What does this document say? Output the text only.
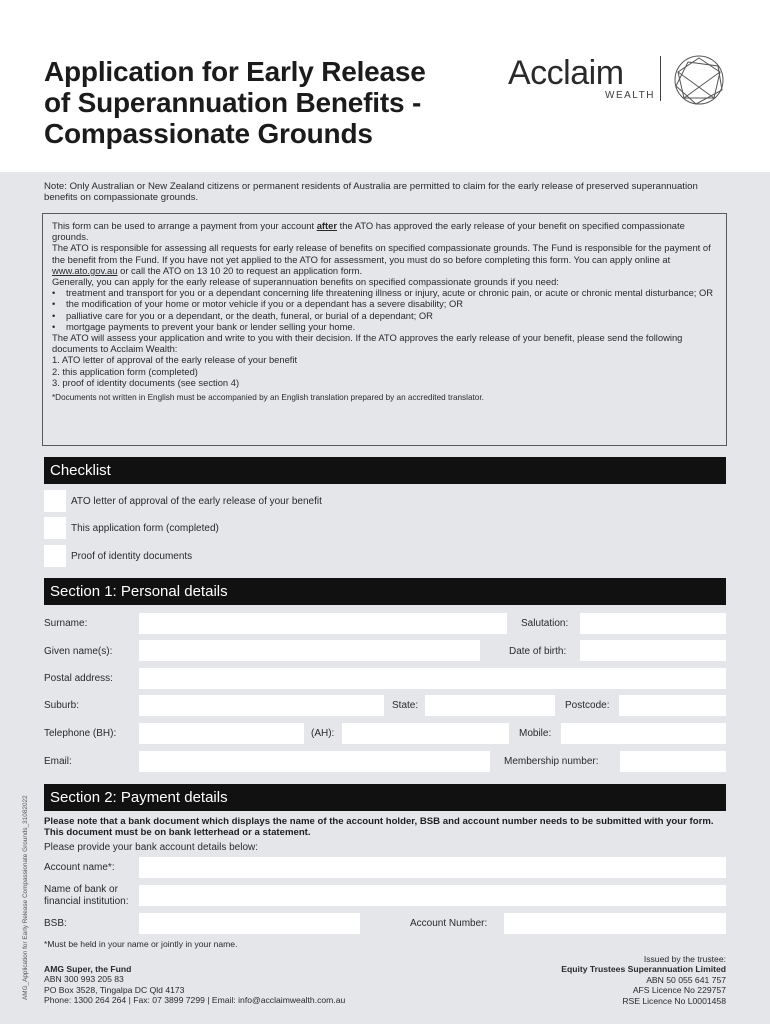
Application for Early Release
of Superannuation Benefits -
Compassionate Grounds
Acclaim
WEALTH
Note: Only Australian or New Zealand citizens or permanent residents of Australia are permitted to claim for the early release of preserved superannuation benefits on compassionate grounds.

This form can be used to arrange a payment from your account after the ATO has approved the early release of your benefit on specified compassionate grounds.

The ATO is responsible for assessing all requests for early release of benefits on specified compassionate grounds. The Fund is responsible for the payment of the benefit from the Fund. If you have not yet applied to the ATO for assessment, you must do so before completing this form. You can apply online at www.ato.gov.au or call the ATO on 13 10 20 to request an application form.

Generally, you can apply for the early release of superannuation benefits on specified compassionate grounds if you need:

• treatment and transport for you or a dependant concerning life threatening illness or injury, acute or chronic pain, or acute or chronic mental disturbance; OR
• the modification of your home or motor vehicle if you or a dependant has a severe disability; OR
• palliative care for you or a dependant, or the death, funeral, or burial of a dependant; OR
• mortgage payments to prevent your bank or lender selling your home.

The ATO will assess your application and write to you with their decision. If the ATO approves the early release of your benefit, please send the following documents to Acclaim Wealth:

1. ATO letter of approval of the early release of your benefit
2. this application form (completed)
3. proof of identity documents (see section 4)

*Documents not written in English must be accompanied by an English translation prepared by an accredited translator.

Checklist
ATO letter of approval of the early release of your benefit
This application form (completed)
Proof of identity documents
Section 1: Personal details
Surname:	Salutation:
Given name(s):	Date of birth:
Postal address:
Suburb:	State:	Postcode:
Telephone (BH):	(AH):	Mobile:
Email:	Membership number:
Section 2: Payment details
Please note that a bank document which displays the name of the account holder, BSB and account number needs to be submitted with your form. This document must be on bank letterhead or a statement.
Please provide your bank account details below:
Account name*:
Name of bank or
financial institution:
BSB:	Account Number:
*Must be held in your name or jointly in your name.
AMG Super, the Fund
ABN 300 993 205 83
PO Box 3528, Tingalpa DC Qld 4173
Phone: 1300 264 264 | Fax: 07 3899 7299 | Email: info@acclaimwealth.com.au
Issued by the trustee:
Equity Trustees Superannuation Limited
ABN 50 055 641 757
AFS Licence No 229757
RSE Licence No L0001458
AMG_Application for Early Release Compassionate Grounds_31082022
